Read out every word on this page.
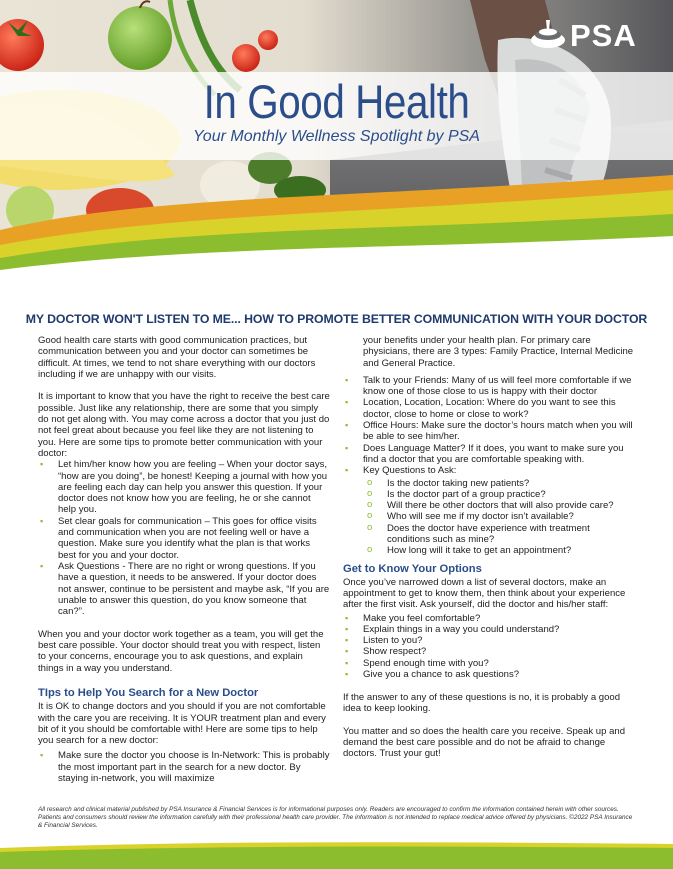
In Good Health
Your Monthly Wellness Spotlight by PSA
PSA
MY DOCTOR WON'T LISTEN TO ME... HOW TO PROMOTE BETTER COMMUNICATION WITH YOUR DOCTOR

Good health care starts with good communication practices, but communication between you and your doctor can sometimes be difficult. At times, we tend to not share everything with our doctors including if we are unhappy with our visits.

It is important to know that you have the right to receive the best care possible. Just like any relationship, there are some that you simply do not get along with. You may come across a doctor that you just do not feel great about because you feel like they are not listening to you. Here are some tips to promote better communication with your doctor:

▪ Let him/her know how you are feeling – When your doctor says, “how are you doing”, be honest! Keeping a journal with how you are feeling each day can help you answer this question. If your doctor does not know how you are feeling, he or she cannot help you.
▪ Set clear goals for communication – This goes for office visits and communication when you are not feeling well or have a question. Make sure you identify what the plan is that works best for you and your doctor.
▪ Ask Questions - There are no right or wrong questions. If you have a question, it needs to be answered. If your doctor does not answer, continue to be persistent and maybe ask, “If you are unable to answer this question, do you know someone that can?”.

When you and your doctor work together as a team, you will get the best care possible. Your doctor should treat you with respect, listen to your concerns, encourage you to ask questions, and explain things in a way you understand.

TIps to Help You Search for a New Doctor

It is OK to change doctors and you should if you are not comfortable with the care you are receiving. It is YOUR treatment plan and every bit of it you should be comfortable with! Here are some tips to help you search for a new doctor:

▪ Make sure the doctor you choose is In-Network: This is probably the most important part in the search for a new doctor. By staying in-network, you will maximize
your benefits under your health plan. For primary care physicians, there are 3 types: Family Practice, Internal Medicine and General Practice.
▪ Talk to your Friends: Many of us will feel more comfortable if we know one of those close to us is happy with their doctor
▪ Location, Location, Location: Where do you want to see this doctor, close to home or close to work?
▪ Office Hours: Make sure the doctor’s hours match when you will be able to see him/her.
▪ Does Language Matter? If it does, you want to make sure you find a doctor that you are comfortable speaking with.
▪ Key Questions to Ask:
o Is the doctor taking new patients?
o Is the doctor part of a group practice?
o Will there be other doctors that will also provide care?
o Who will see me if my doctor isn’t available?
o Does the doctor have experience with treatment conditions such as mine?
o How long will it take to get an appointment?
Get to Know Your Options

Once you’ve narrowed down a list of several doctors, make an appointment to get to know them, then think about your experience after the first visit. Ask yourself, did the doctor and his/her staff:

▪ Make you feel comfortable?
▪ Explain things in a way you could understand?
▪ Listen to you?
▪ Show respect?
▪ Spend enough time with you?
▪ Give you a chance to ask questions?

If the answer to any of these questions is no, it is probably a good idea to keep looking.

You matter and so does the health care you receive. Speak up and demand the best care possible and do not be afraid to change doctors. Trust your gut!

All research and clinical material published by PSA Insurance & Financial Services is for informational purposes only. Readers are encouraged to confirm the information contained herein with other sources. Patients and consumers should review the information carefully with their professional health care provider. The information is not intended to replace medical advice offered by physicians. ©2022 PSA Insurance & Financial Services.
